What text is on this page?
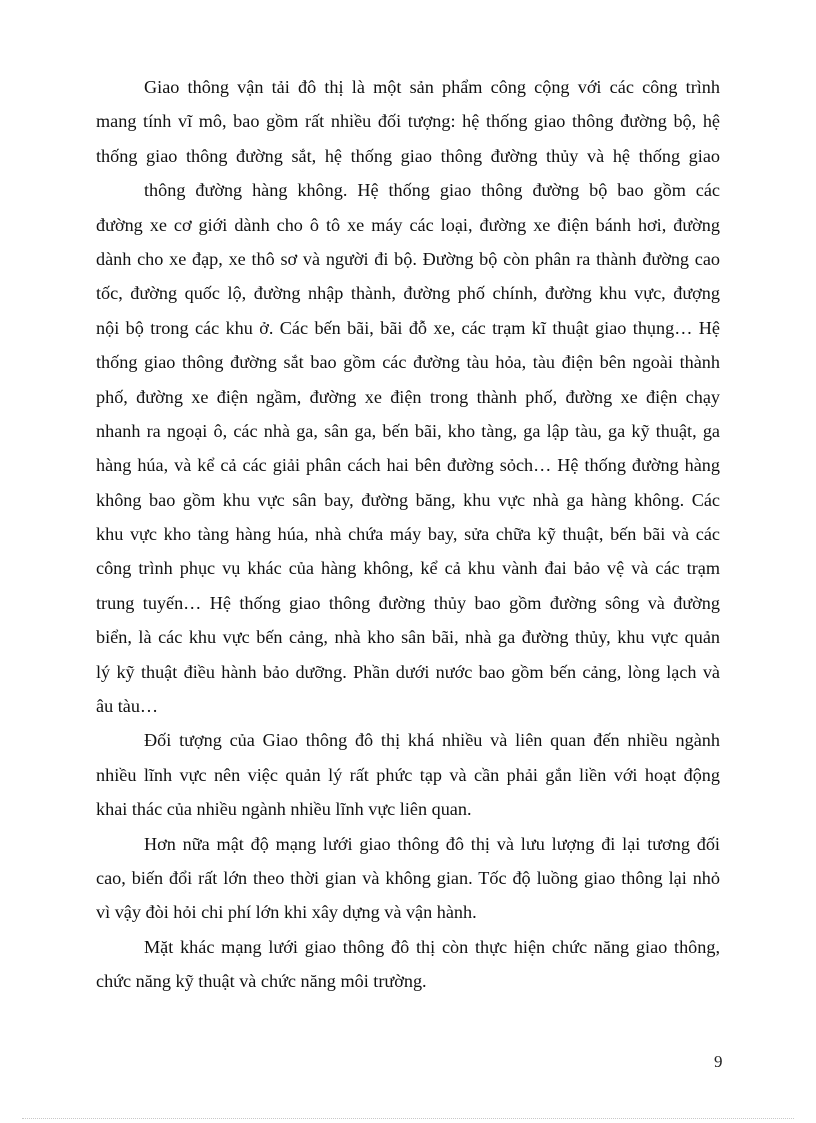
Giao thông vận tải đô thị là một sản phẩm công cộng với các công trình
mang tính vĩ mô, bao gồm rất nhiều đối tượng: hệ thống giao thông đường bộ, hệ
thống giao thông đường sắt, hệ thống giao thông đường thủy và hệ thống giao
thông đường hàng không. Hệ thống giao thông đường bộ bao gồm các
đường xe cơ giới dành cho ô tô xe máy các loại, đường xe điện bánh hơi, đường
dành cho xe đạp, xe thô sơ và người đi bộ. Đường bộ còn phân ra thành đường cao
tốc, đường quốc lộ, đường nhập thành, đường phố chính, đường khu vực, đượng
nội bộ trong các khu ở. Các bến bãi, bãi đỗ xe, các trạm kĩ thuật giao thụng… Hệ
thống giao thông đường sắt bao gồm các đường tàu hỏa, tàu điện bên ngoài thành
phố, đường xe điện ngầm, đường xe điện trong thành phố, đường xe điện chạy
nhanh ra ngoại ô, các nhà ga, sân ga, bến bãi, kho tàng, ga lập tàu, ga kỹ thuật, ga
hàng húa, và kể cả các giải phân cách hai bên đường sỏch… Hệ thống đường hàng
không bao gồm khu vực sân bay, đường băng, khu vực nhà ga hàng không. Các
khu vực kho tàng hàng húa, nhà chứa máy bay, sửa chữa kỹ thuật, bến bãi và các
công trình phục vụ khác của hàng không, kể cả khu vành đai bảo vệ và các trạm
trung tuyến… Hệ thống giao thông đường thủy bao gồm đường sông và đường
biển, là các khu vực bến cảng, nhà kho sân bãi, nhà ga đường thủy, khu vực quản
lý kỹ thuật điều hành bảo dưỡng. Phần dưới nước bao gồm bến cảng, lòng lạch và
âu tàu…
Đối tượng của Giao thông đô thị khá nhiều và liên quan đến nhiều ngành
nhiều lĩnh vực nên việc quản lý rất phức tạp và cần phải gắn liền với hoạt động
khai thác của nhiều ngành nhiều lĩnh vực liên quan.
Hơn nữa mật độ mạng lưới giao thông đô thị và lưu lượng đi lại tương đối
cao, biến đổi rất lớn theo thời gian và không gian. Tốc độ luồng giao thông lại nhỏ
vì vậy đòi hỏi chi phí lớn khi xây dựng và vận hành.
Mặt khác mạng lưới giao thông đô thị còn thực hiện chức năng giao thông,
chức năng kỹ thuật và chức năng môi trường.
9
